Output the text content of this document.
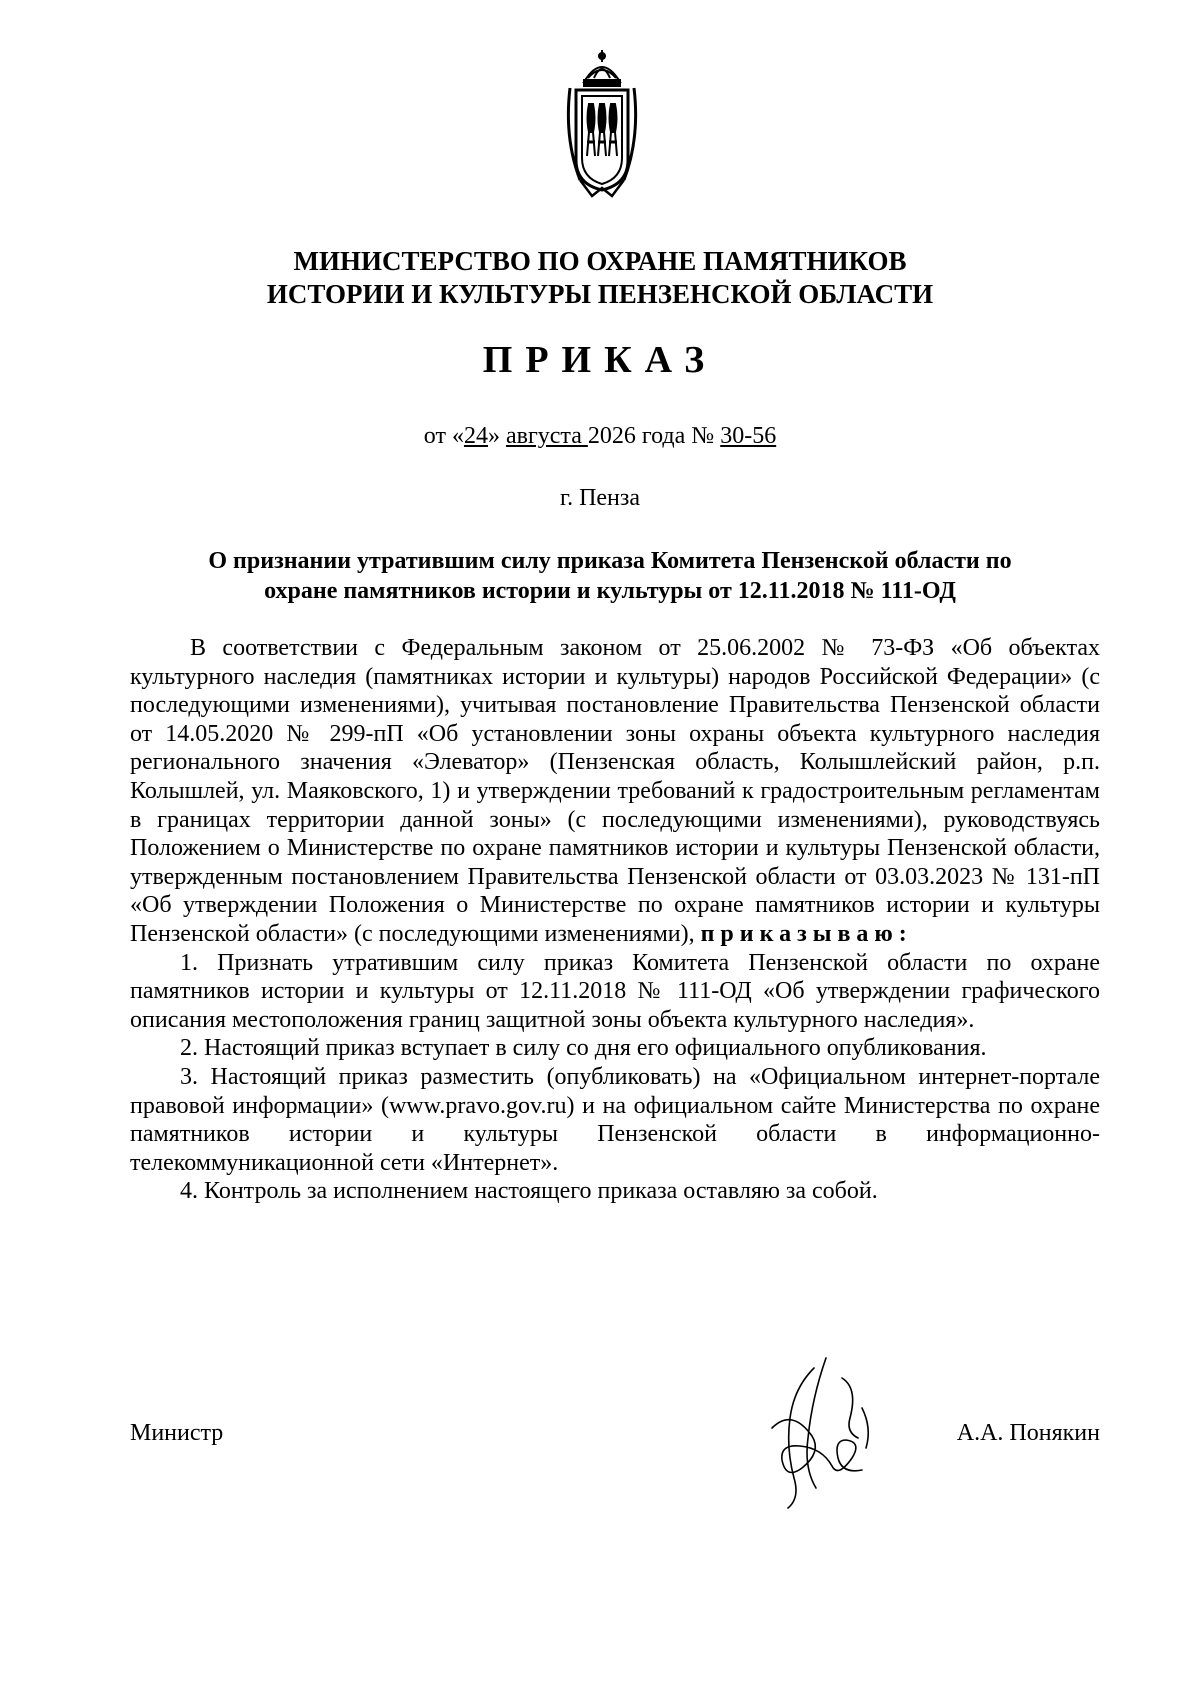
МИНИСТЕРСТВО ПО ОХРАНЕ ПАМЯТНИКОВ
ИСТОРИИ И КУЛЬТУРЫ ПЕНЗЕНСКОЙ ОБЛАСТИ
ПРИКАЗ
от «24» августа 2026 года № 30-56
г. Пенза
О признании утратившим силу приказа Комитета Пензенской области по
охране памятников истории и культуры от 12.11.2018 № 111-ОД

В соответствии с Федеральным законом от 25.06.2002 № 73-ФЗ «Об объектах культурного наследия (памятниках истории и культуры) народов Российской Федерации» (с последующими изменениями), учитывая постановление Правительства Пензенской области от 14.05.2020 № 299-пП «Об установлении зоны охраны объекта культурного наследия регионального значения «Элеватор» (Пензенская область, Колышлейский район, р.п. Колышлей, ул. Маяковского, 1) и утверждении требований к градостроительным регламентам в границах территории данной зоны» (с последующими изменениями), руководствуясь Положением о Министерстве по охране памятников истории и культуры Пензенской области, утвержденным постановлением Правительства Пензенской области от 03.03.2023 № 131-пП «Об утверждении Положения о Министерстве по охране памятников истории и культуры Пензенской области» (с последующими изменениями), приказываю:

1. Признать утратившим силу приказ Комитета Пензенской области по охране памятников истории и культуры от 12.11.2018 № 111-ОД «Об утверждении графического описания местоположения границ защитной зоны объекта культурного наследия».

2. Настоящий приказ вступает в силу со дня его официального опубликования.

3. Настоящий приказ разместить (опубликовать) на «Официальном интернет-портале правовой информации» (www.pravo.gov.ru) и на официальном сайте Министерства по охране памятников истории и культуры Пензенской области в информационно-телекоммуникационной сети «Интернет».

4. Контроль за исполнением настоящего приказа оставляю за собой.

Министр	А.А. Понякин
